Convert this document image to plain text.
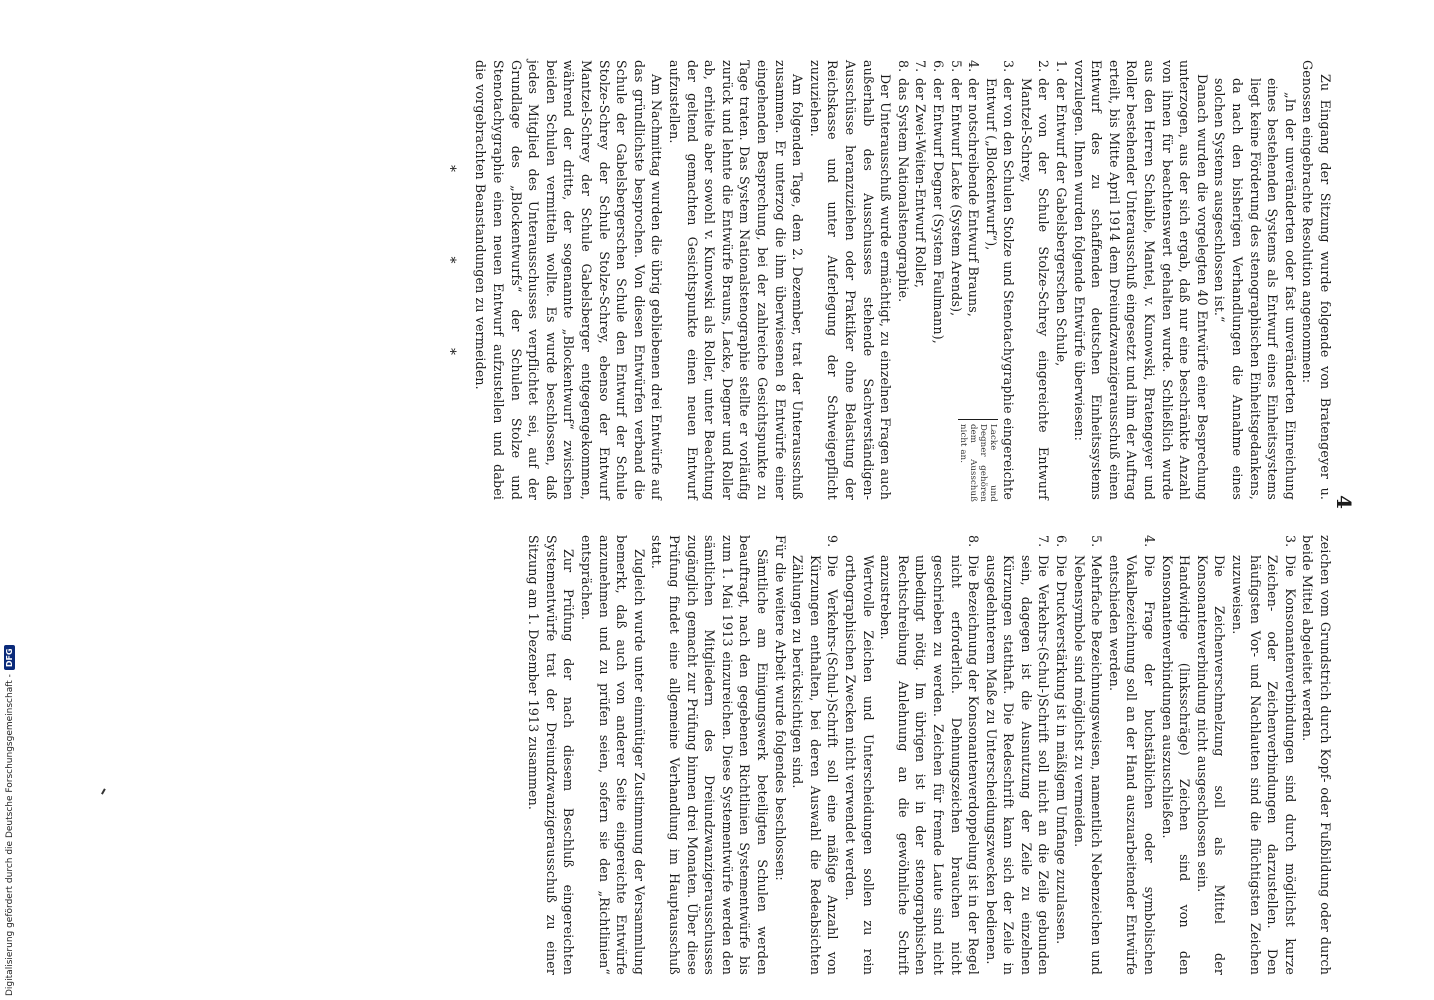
4

zeichen vom Grundstrich durch Kopf- oder Fußbildung oder durch beide Mittel abgeleitet werden.

3.
Die Konsonantenverbindungen sind durch möglichst kurze Zeichen- oder Zeichenverbindungen darzustellen. Den häufigsten Vor- und Nachlauten sind die flüchtigsten Zeichen zuzuweisen.
Die Zeichenverschmelzung soll als Mittel der Konsonantenverbindung nicht ausgeschlossen sein.
Handwidrige (linksschräge) Zeichen sind von den Konsonantenverbindungen auszuschließen.
4.
Die Frage der buchstäblichen oder symbolischen Vokalbezeichnung soll an der Hand auszuarbeitender Entwürfe entschieden werden.
5.
Mehrfache Bezeichnungsweisen, namentlich Nebenzeichen und Nebensymbole sind möglichst zu vermeiden.
6.
Die Druckverstärkung ist in mäßigem Umfange zuzulassen.
7.
Die Verkehrs-(Schul-)Schrift soll nicht an die Zeile gebunden sein, dagegen ist die Ausnutzung der Zeile zu einzelnen Kürzungen statthaft. Die Redeschrift kann sich der Zeile in ausgedehnterem Maße zu Unterscheidungszwecken bedienen.
8.
Die Bezeichnung der Konsonantenverdoppelung ist in der Regel nicht erforderlich. Dehnungszeichen brauchen nicht geschrieben zu werden. Zeichen für fremde Laute sind nicht unbedingt nötig. Im übrigen ist in der stenographischen Rechtschreibung Anlehnung an die gewöhnliche Schrift anzustreben.
Wertvolle Zeichen und Unterscheidungen sollen zu rein orthographischen Zwecken nicht verwendet werden.
9.
Die Verkehrs-(Schul-)Schrift soll eine mäßige Anzahl von Kürzungen enthalten, bei deren Auswahl die Redeabsichten Zählungen zu berücksichtigen sind.

Für die weitere Arbeit wurde folgendes beschlossen:

Sämtliche am Einigungswerk beteiligten Schulen werden beauftragt, nach den gegebenen Richtlinien Systementwürfe bis zum 1. Mai 1913 einzureichen. Diese Systementwürfe werden den sämtlichen Mitgliedern des Dreiundzwanzigerausschusses zugänglich gemacht zur Prüfung binnen drei Monaten. Über diese Prüfung findet eine allgemeine Verhandlung im Hauptausschuß statt.

Zugleich wurde unter einmütiger Zustimmung der Versammlung bemerkt, daß auch von anderer Seite eingereichte Entwürfe anzunehmen und zu prüfen seien, sofern sie den „Richtlinien“ entsprächen.

Zur Prüfung der nach diesem Beschluß eingereichten Systementwürfe trat der Dreiundzwanzigerausschuß zu einer Sitzung am 1. Dezember 1913 zusammen.

Zu Eingang der Sitzung wurde folgende von Bratengeyer u. Genossen eingebrachte Resolution angenommen:

„In der unveränderten oder fast unveränderten Einreichung eines bestehenden Systems als Entwurf eines Einheitssystems liegt keine Förderung des stenographischen Einheitsgedankens, da nach den bisherigen Verhandlungen die Annahme eines solchen Systems ausgeschlossen ist.“

Danach wurden die vorgelegten 40 Entwürfe einer Besprechung unterzogen, aus der sich ergab, daß nur eine beschränkte Anzahl von ihnen für beachtenswert gehalten wurde. Schließlich wurde aus den Herren Schaible, Mantel, v. Kunowski, Bratengeyer und Roller bestehender Unterausschuß eingesetzt und ihm der Auftrag erteilt, bis Mitte April 1914 dem Dreiundzwanzigerausschuß einen Entwurf des zu schaffenden deutschen Einheitssystems vorzulegen. Ihnen wurden folgende Entwürfe überwiesen:

1.
der Entwurf der Gabelsbergerschen Schule,
2.
der von der Schule Stolze-Schrey eingereichte Entwurf Mantzel-Schrey,
3.
der von den Schulen Stolze und Stenotachygraphie eingereichte Entwurf („Blockentwurf“),
4.
der notschreibende Entwurf Brauns,
5.
der Entwurf Lacke (System Arends),
6.
der Entwurf Degner (System Faulmann),
7.
der Zwei-Weiten-Entwurf Roller,
8.
das System Nationalstenographie.
Lacke und Degner gehören dem Ausschuß nicht an.

Der Unterausschuß wurde ermächtigt, zu einzelnen Fragen auch außerhalb des Ausschusses stehende Sachverständigen-Ausschüsse heranzuziehen oder Praktiker ohne Belastung der Reichskasse und unter Auferlegung der Schweigepflicht zuzuziehen.

Am folgenden Tage, dem 2. Dezember, trat der Unterausschuß zusammen. Er unterzog die ihm überwiesenen 8 Entwürfe einer eingehenden Besprechung, bei der zahlreiche Gesichtspunkte zu Tage traten. Das System Nationalstenographie stellte er vorläufig zurück und lehnte die Entwürfe Brauns, Lacke, Degner und Roller ab, erhielte aber sowohl v. Kunowski als Roller, unter Beachtung der geltend gemachten Gesichtspunkte einen neuen Entwurf aufzustellen.

Am Nachmittag wurden die übrig gebliebenen drei Entwürfe auf das gründlichste besprochen. Von diesen Entwürfen verband die Schule der Gabelsbergerschen Schule den Entwurf der Schule Stolze-Schrey der Schule Stolze-Schrey, ebenso der Entwurf Mantzel-Schrey der Schule Gabelsberger entgegengekommen, während der dritte, der sogenannte „Blockentwurf“ zwischen beiden Schulen vermitteln wollte. Es wurde beschlossen, daß jedes Mitglied des Unterausschusses verpflichtet sei, auf der Grundlage des „Blockentwurfs“ der Schulen Stolze und Stenotachygraphie einen neuen Entwurf aufzustellen und dabei die vorgebrachten Beanstandungen zu vermeiden.

* * *
Digitalisierung gefördert durch die Deutsche Forschungsgemeinschaft -
DFG
